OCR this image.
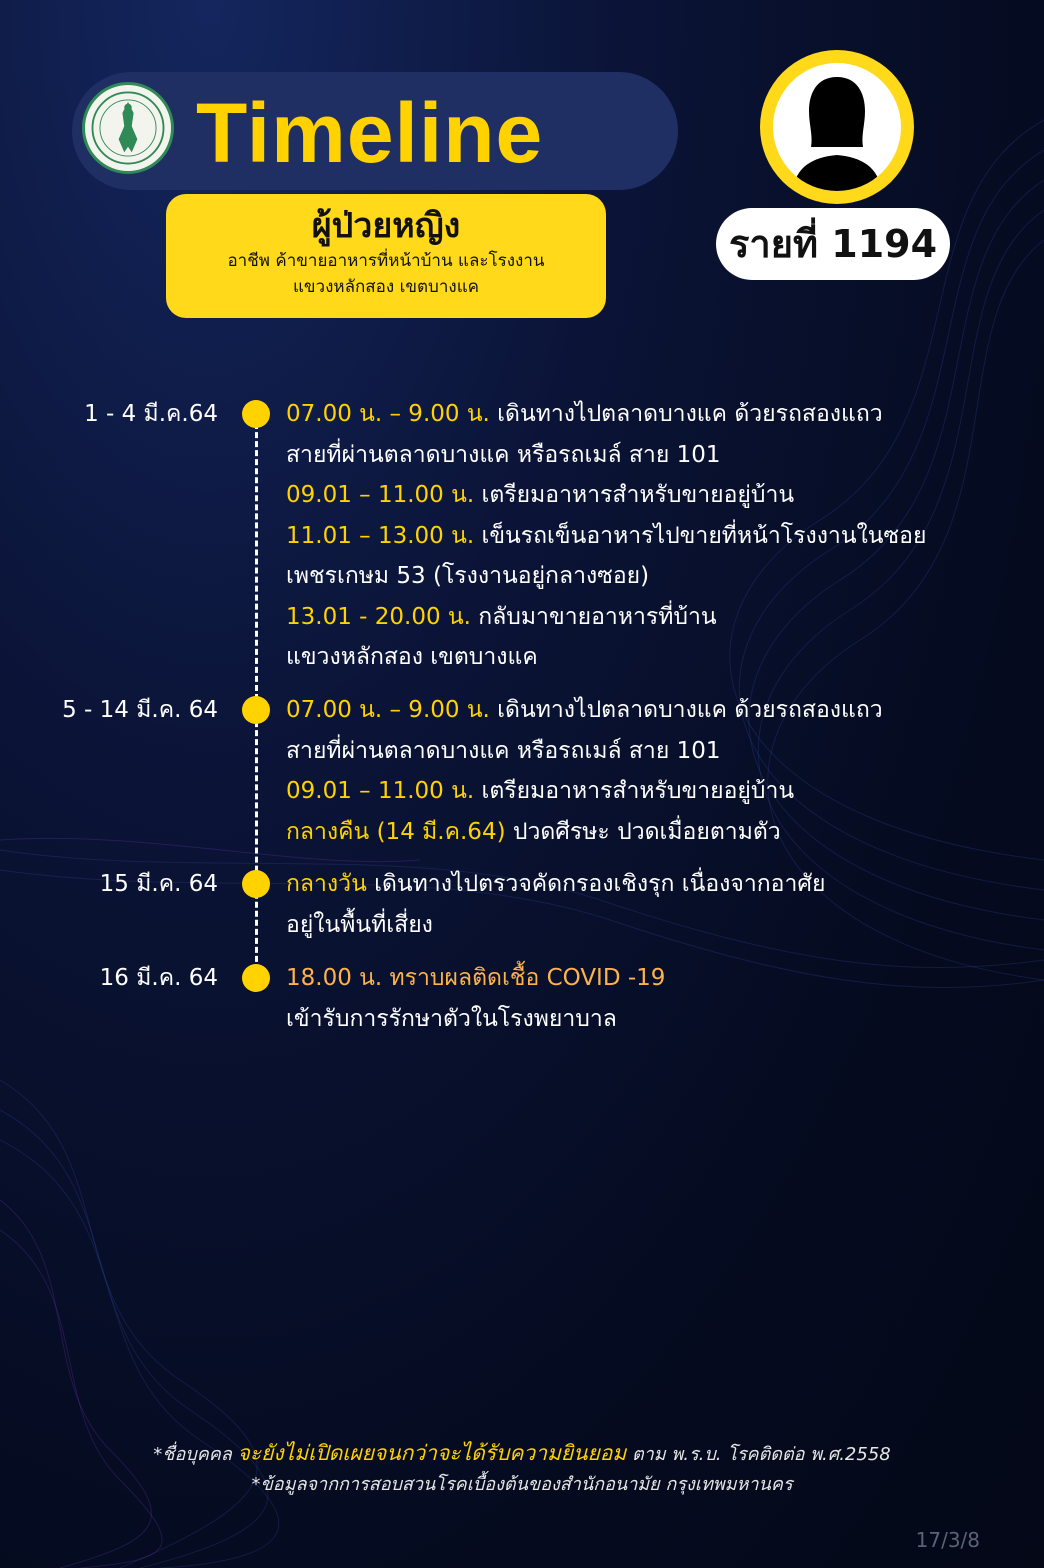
Timeline
ผู้ป่วยหญิง
อาชีพ ค้าขายอาหารที่หน้าบ้าน และโรงงาน
แขวงหลักสอง เขตบางแค
รายที่ 1194
1 - 4 มี.ค.64	07.00 น. – 9.00 น. เดินทางไปตลาดบางแค ด้วยรถสองแถว
สายที่ผ่านตลาดบางแค หรือรถเมล์ สาย 101
09.01 – 11.00 น. เตรียมอาหารสำหรับขายอยู่บ้าน
11.01 – 13.00 น. เข็นรถเข็นอาหารไปขายที่หน้าโรงงานในซอย
เพชรเกษม 53 (โรงงานอยู่กลางซอย)
13.01 - 20.00 น. กลับมาขายอาหารที่บ้าน
แขวงหลักสอง เขตบางแค
5 - 14 มี.ค. 64	07.00 น. – 9.00 น. เดินทางไปตลาดบางแค ด้วยรถสองแถว
สายที่ผ่านตลาดบางแค หรือรถเมล์ สาย 101
09.01 – 11.00 น. เตรียมอาหารสำหรับขายอยู่บ้าน
กลางคืน (14 มี.ค.64) ปวดศีรษะ ปวดเมื่อยตามตัว
15 มี.ค. 64	กลางวัน เดินทางไปตรวจคัดกรองเชิงรุก เนื่องจากอาศัย
อยู่ในพื้นที่เสี่ยง
16 มี.ค. 64	18.00 น. ทราบผลติดเชื้อ COVID -19
เข้ารับการรักษาตัวในโรงพยาบาล
*ชื่อบุคคล จะยังไม่เปิดเผยจนกว่าจะได้รับความยินยอม ตาม พ.ร.บ. โรคติดต่อ พ.ศ.2558
*ข้อมูลจากการสอบสวนโรคเบื้องต้นของสำนักอนามัย กรุงเทพมหานคร
17/3/8
